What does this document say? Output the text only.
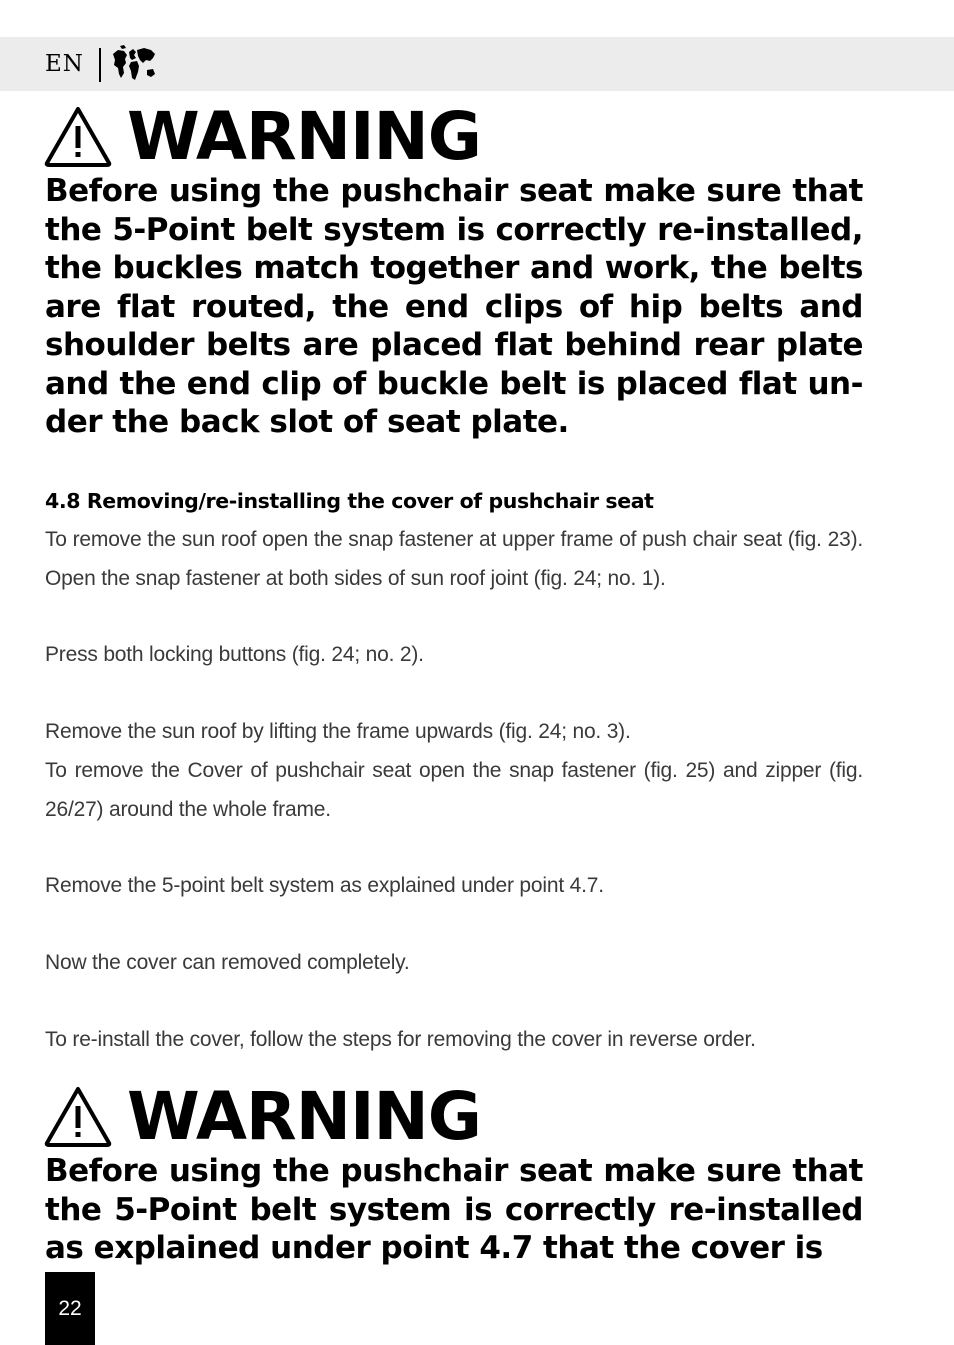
EN
WARNING

Before using the pushchair seat make sure that the 5-Point belt system is correctly re-installed, the buckles match together and work, the belts are flat routed, the end clips of hip belts and shoulder belts are placed flat behind rear plate and the end clip of buckle belt is placed flat un-der the back slot of seat plate.

4.8 Removing/re-installing the cover of pushchair seat

To remove the sun roof open the snap fastener at upper frame of push chair seat (fig. 23). Open the snap fastener at both sides of sun roof joint (fig. 24; no. 1).

Press both locking buttons (fig. 24; no. 2).

Remove the sun roof by lifting the frame upwards (fig. 24; no. 3).

To remove the Cover of pushchair seat open the snap fastener (fig. 25) and zipper (fig. 26/27) around the whole frame.

Remove the 5-point belt system as explained under point 4.7.

Now the cover can removed completely.

To re-install the cover, follow the steps for removing the cover in reverse order.

WARNING

Before using the pushchair seat make sure that the 5-Point belt system is correctly re-installed as explained under point 4.7 that the cover is

22
